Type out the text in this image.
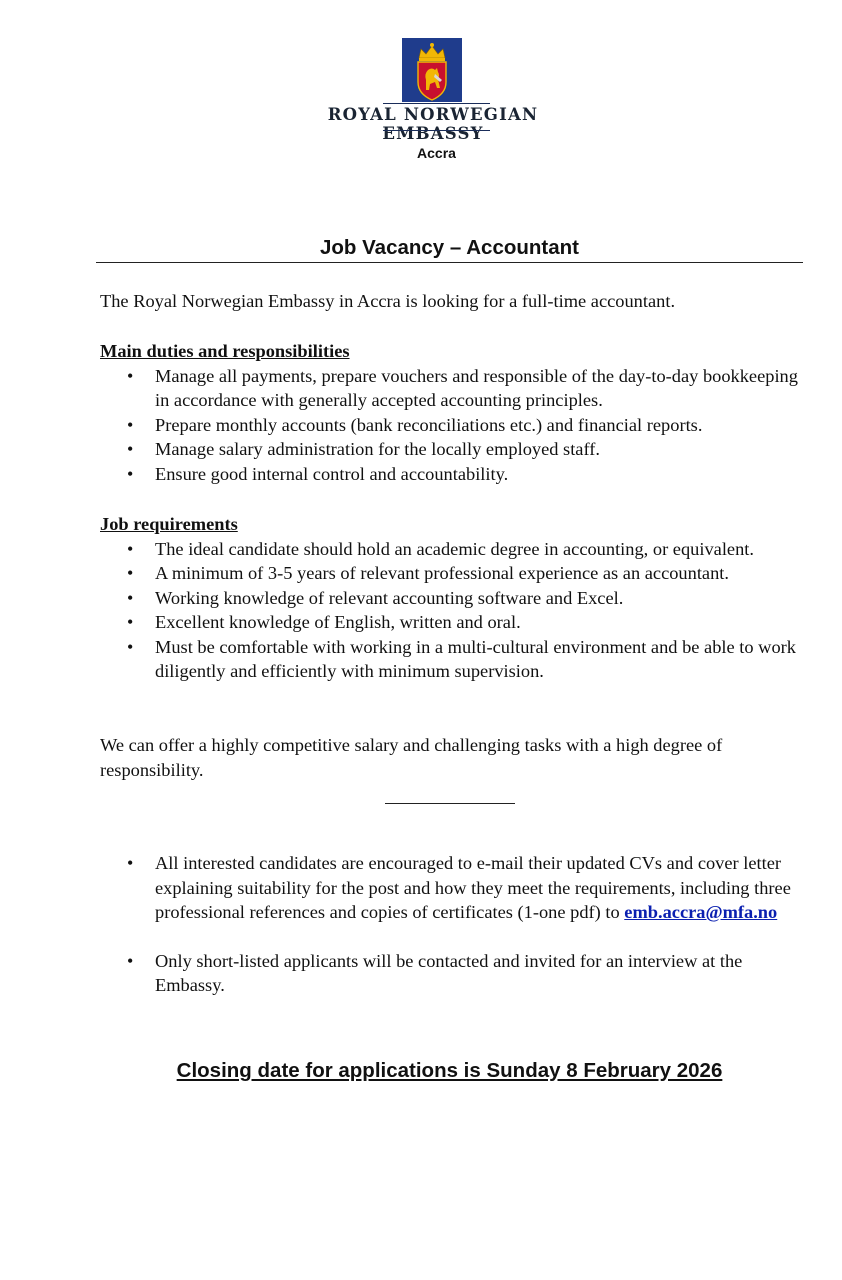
ROYAL NORWEGIAN EMBASSY
Accra
Job Vacancy – Accountant
The Royal Norwegian Embassy in Accra is looking for a full-time accountant.

Main duties and responsibilities

• Manage all payments, prepare vouchers and responsible of the day-to-day bookkeeping in accordance with generally accepted accounting principles.
• Prepare monthly accounts (bank reconciliations etc.) and financial reports.
• Manage salary administration for the locally employed staff.
• Ensure good internal control and accountability.

Job requirements

• The ideal candidate should hold an academic degree in accounting, or equivalent.
• A minimum of 3-5 years of relevant professional experience as an accountant.
• Working knowledge of relevant accounting software and Excel.
• Excellent knowledge of English, written and oral.
• Must be comfortable with working in a multi-cultural environment and be able to work diligently and efficiently with minimum supervision.
We can offer a highly competitive salary and challenging tasks with a high degree of responsibility.
• All interested candidates are encouraged to e-mail their updated CVs and cover letter explaining suitability for the post and how they meet the requirements, including three professional references and copies of certificates (1-one pdf) to emb.accra@mfa.no
• Only short-listed applicants will be contacted and invited for an interview at the Embassy.
Closing date for applications is Sunday 8 February 2026
